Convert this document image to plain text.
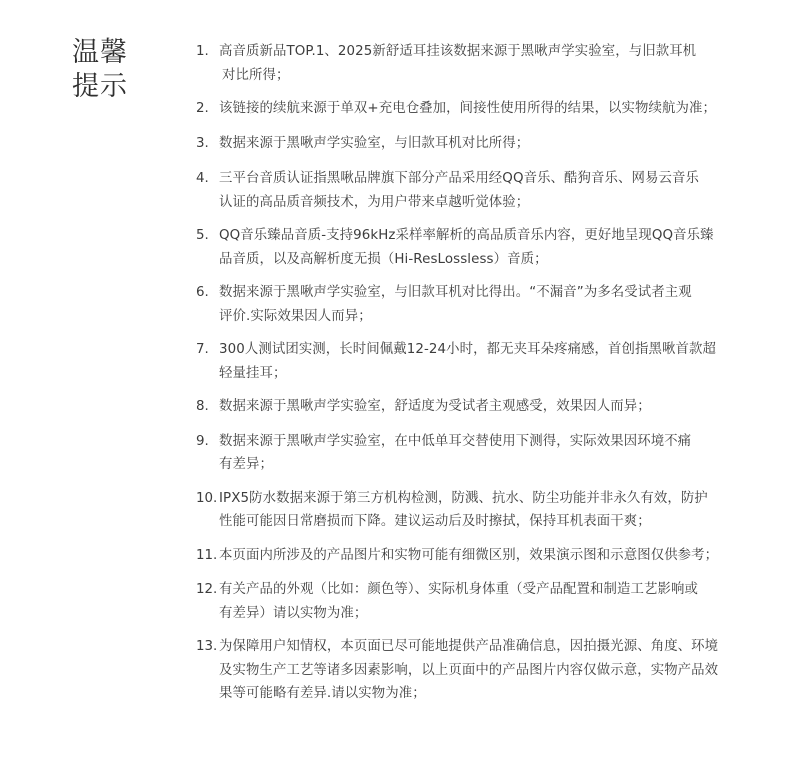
温馨
提示
1. 高音质新品TOP.1、2025新舒适耳挂该数据来源于黑啾声学实验室，与旧款耳机
对比所得；
2. 该链接的续航来源于单双+充电仓叠加，间接性使用所得的结果，以实物续航为准；
3. 数据来源于黑啾声学实验室，与旧款耳机对比所得；
4. 三平台音质认证指黑啾品牌旗下部分产品采用经QQ音乐、酷狗音乐、网易云音乐
认证的高品质音频技术，为用户带来卓越听觉体验；
5. QQ音乐臻品音质-支持96kHz采样率解析的高品质音乐内容，更好地呈现QQ音乐臻
品音质，以及高解析度无损（Hi-ResLossless）音质；
6. 数据来源于黑啾声学实验室，与旧款耳机对比得出。“不漏音”为多名受试者主观
评价.实际效果因人而异；
7. 300人测试团实测，长时间佩戴12-24小时，都无夹耳朵疼痛感，首创指黑啾首款超
轻量挂耳；
8. 数据来源于黑啾声学实验室，舒适度为受试者主观感受，效果因人而异；
9. 数据来源于黑啾声学实验室，在中低单耳交替使用下测得，实际效果因环境不痛
有差异；
10. IPX5防水数据来源于第三方机构检测，防溅、抗水、防尘功能并非永久有效，防护
性能可能因日常磨损而下降。建议运动后及时擦拭，保持耳机表面干爽；
11. 本页面内所涉及的产品图片和实物可能有细微区别，效果演示图和示意图仅供参考；
12. 有关产品的外观（比如：颜色等）、实际机身体重（受产品配置和制造工艺影响或
有差异）请以实物为准；
13. 为保障用户知情权，本页面已尽可能地提供产品准确信息，因拍摄光源、角度、环境
及实物生产工艺等诸多因素影响，以上页面中的产品图片内容仅做示意，实物产品效
果等可能略有差异.请以实物为准；
